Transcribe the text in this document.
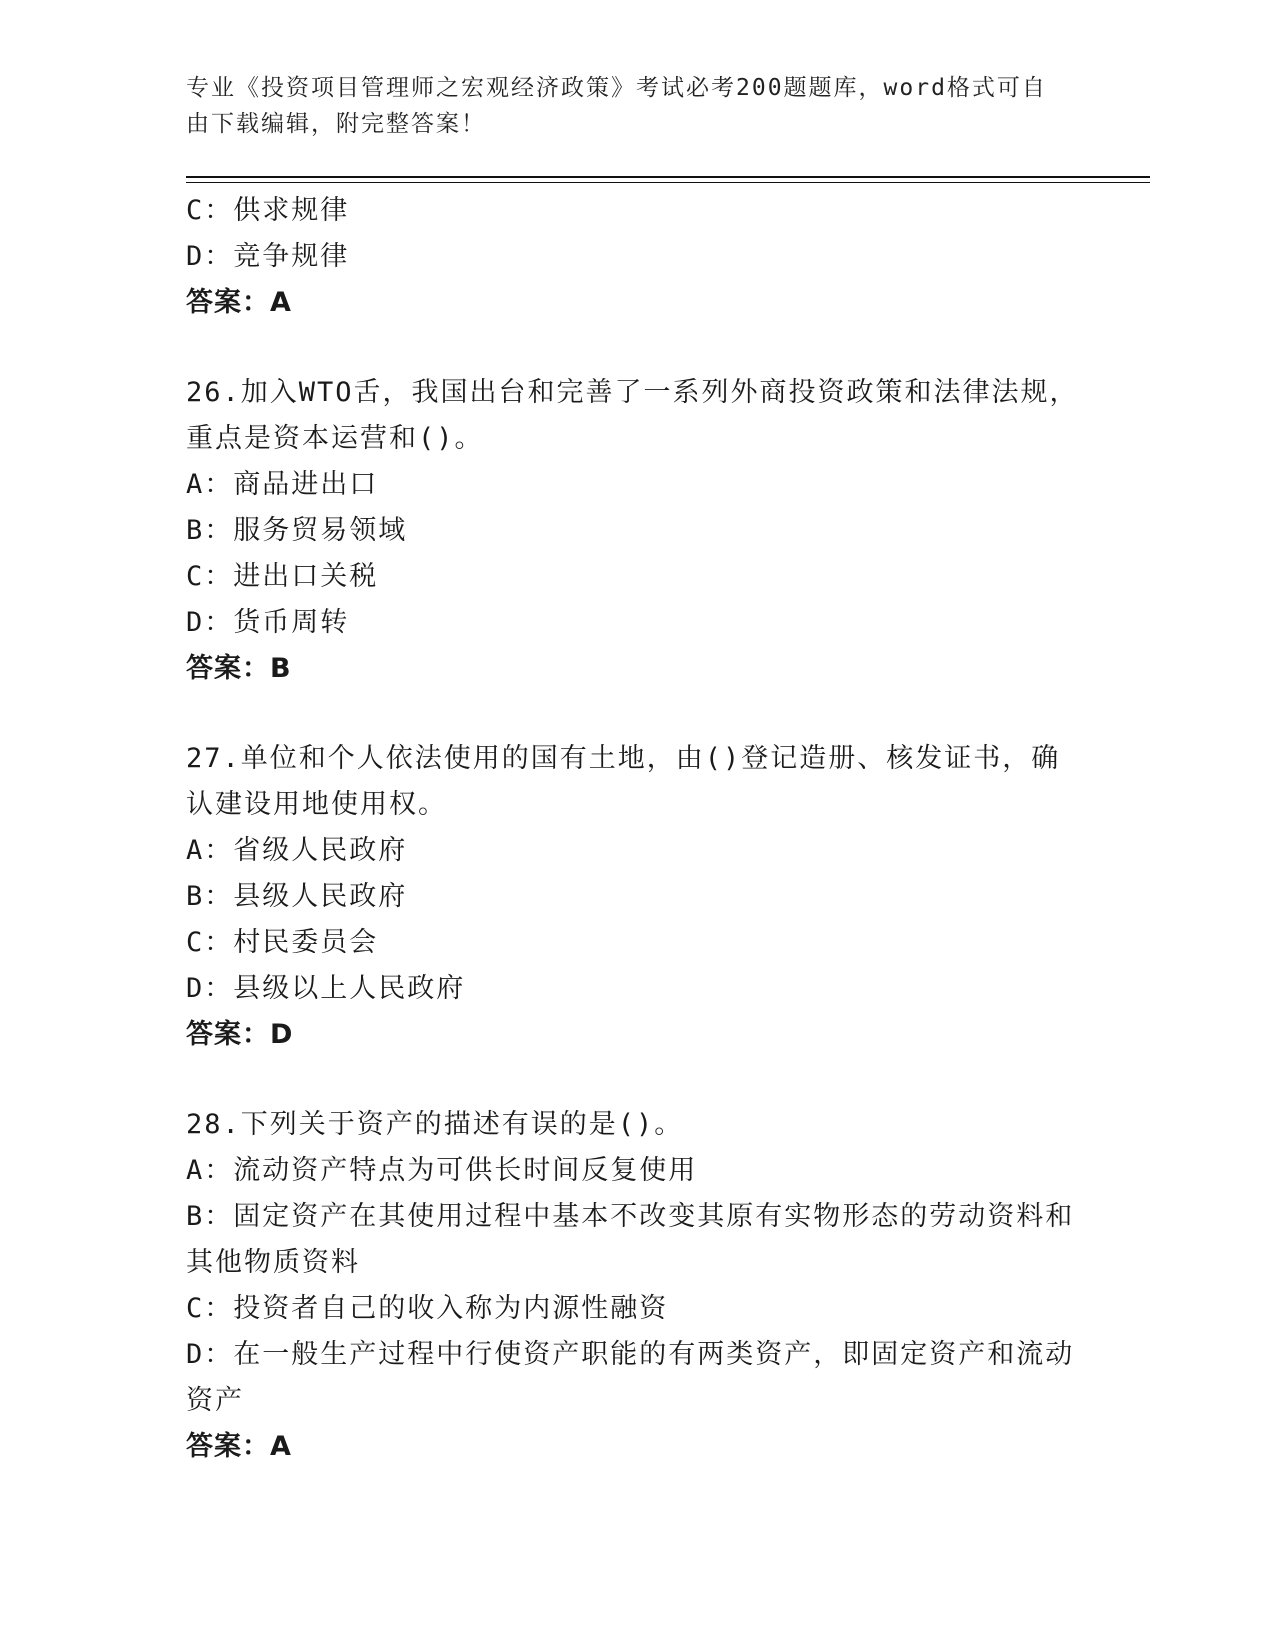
专业《投资项目管理师之宏观经济政策》考试必考200题题库，word格式可自由下载编辑，附完整答案！
C：供求规律
D：竞争规律
答案：A
26.加入WTO舌，我国出台和完善了一系列外商投资政策和法律法规，重点是资本运营和()。
A：商品进出口
B：服务贸易领域
C：进出口关税
D：货币周转
答案：B
27.单位和个人依法使用的国有土地，由()登记造册、核发证书，确认建设用地使用权。
A：省级人民政府
B：县级人民政府
C：村民委员会
D：县级以上人民政府
答案：D
28.下列关于资产的描述有误的是()。
A：流动资产特点为可供长时间反复使用
B：固定资产在其使用过程中基本不改变其原有实物形态的劳动资料和其他物质资料
C：投资者自己的收入称为内源性融资
D：在一般生产过程中行使资产职能的有两类资产，即固定资产和流动资产
答案：A
